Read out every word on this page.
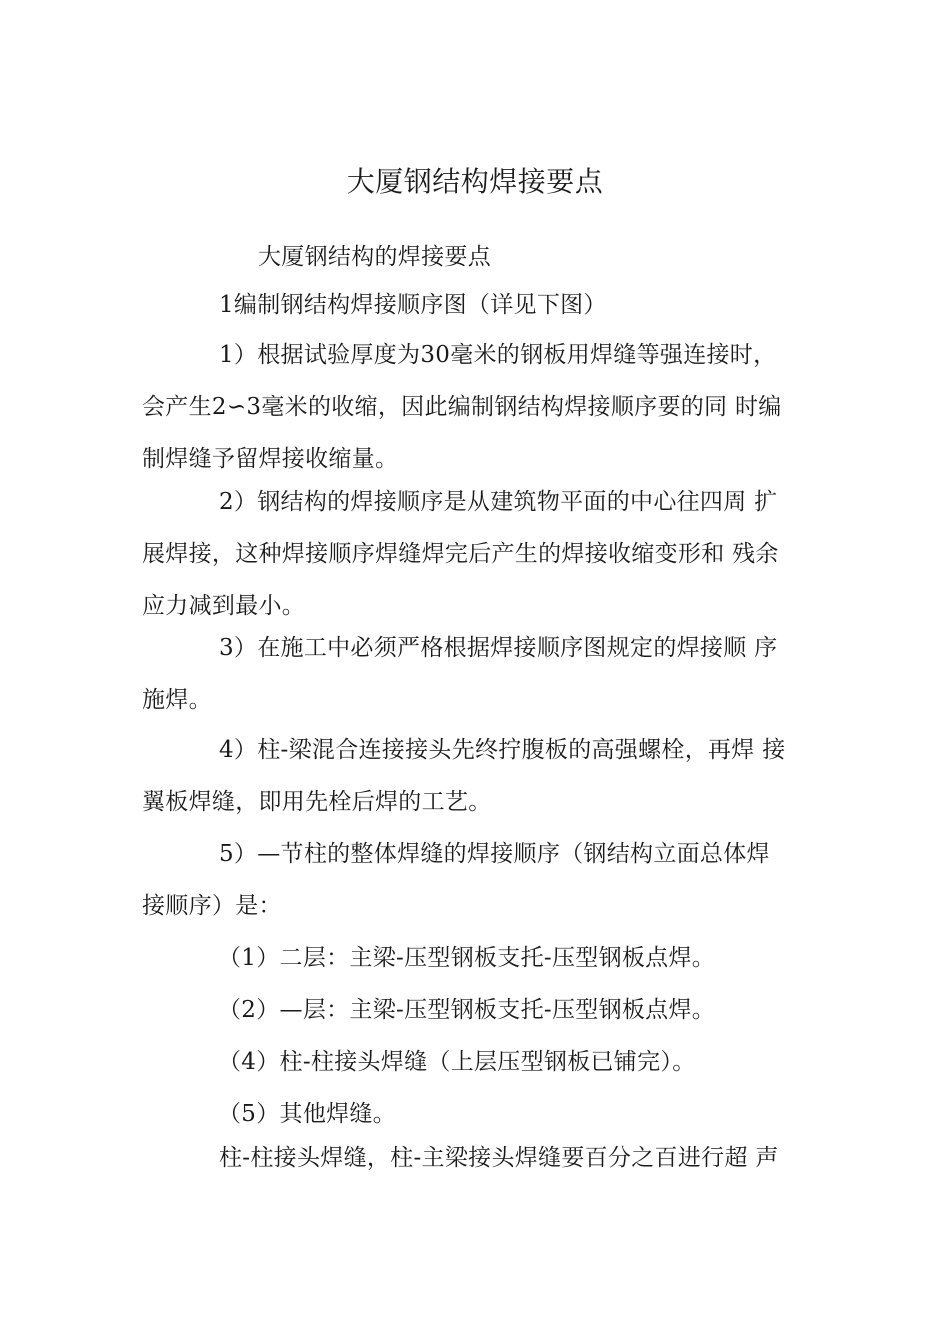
大厦钢结构焊接要点
大厦钢结构的焊接要点
1编制钢结构焊接顺序图（详见下图）
1）根据试验厚度为30毫米的钢板用焊缝等强连接时，
会产生2∽3毫米的收缩，因此编制钢结构焊接顺序要的同 时编
制焊缝予留焊接收缩量。
2）钢结构的焊接顺序是从建筑物平面的中心往四周 扩
展焊接，这种焊接顺序焊缝焊完后产生的焊接收缩变形和 残余
应力减到最小。
3）在施工中必须严格根据焊接顺序图规定的焊接顺 序
施焊。
4）柱-梁混合连接接头先终拧腹板的高强螺栓，再焊 接
翼板焊缝，即用先栓后焊的工艺。
5）—节柱的整体焊缝的焊接顺序（钢结构立面总体焊
接顺序）是：
（1）二层：主梁-压型钢板支托-压型钢板点焊。
（2）—层：主梁-压型钢板支托-压型钢板点焊。
（4）柱-柱接头焊缝（上层压型钢板已铺完）。
（5）其他焊缝。
柱-柱接头焊缝，柱-主梁接头焊缝要百分之百进行超 声
